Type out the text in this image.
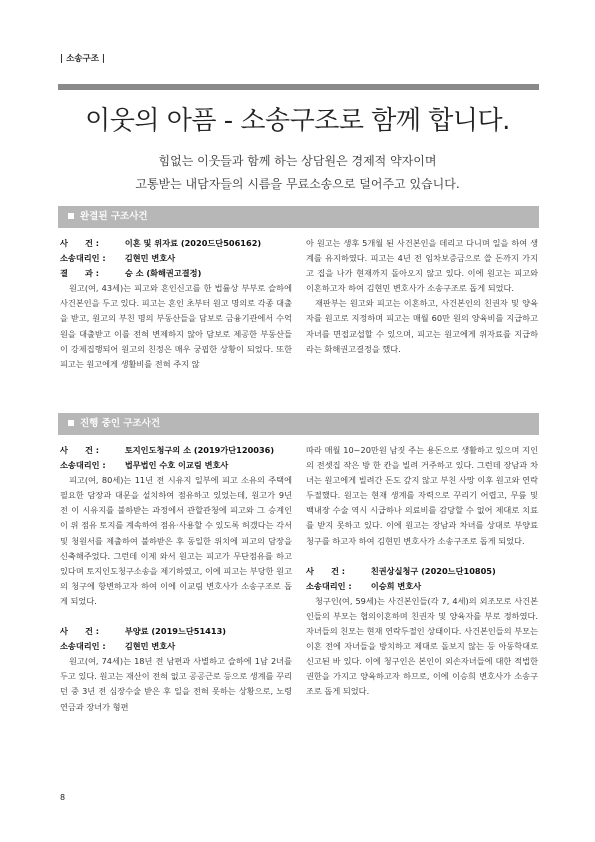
| 소송구조 |
이웃의 아픔 - 소송구조로 함께 합니다.
힘없는 이웃들과 함께 하는 상담원은 경제적 약자이며
고통받는 내담자들의 시름을 무료소송으로 덜어주고 있습니다.
완결된 구조사건

사      건 :	이혼 및 위자료 (2020드단506162)

소송대리인 : 김현민 변호사

결      과 :	승 소 (화해권고결정)

원고(여, 43세)는 피고와 혼인신고를 한 법률상 부부로 슬하에 사건본인을 두고 있다. 피고는 혼인 초부터 원고 명의로 각종 대출을 받고, 원고의 부친 명의 부동산들을 담보로 금융기관에서 수억 원을 대출받고 이를 전혀 변제하지 않아 담보로 제공한 부동산들이 강제집행되어 원고의 친정은 매우 궁핍한 상황이 되었다. 또한 피고는 원고에게 생활비를 전혀 주지 않

아 원고는 생후 5개월 된 사건본인을 데리고 다니며 일을 하여 생계를 유지하였다. 피고는 4년 전 임차보증금으로 쓸 돈까지 가지고 집을 나가 현재까지 돌아오지 않고 있다. 이에 원고는 피고와 이혼하고자 하여 김현민 변호사가 소송구조로 돕게 되었다.

재판부는 원고와 피고는 이혼하고, 사건본인의 친권자 및 양육자를 원고로 지정하며 피고는 매월 60만 원의 양육비를 지급하고 자녀를 면접교섭할 수 있으며, 피고는 원고에게 위자료를 지급하라는 화해권고결정을 했다.

진행 중인 구조사건

사      건 :	토지인도청구의 소 (2019가단120036)

소송대리인 : 법무법인 수호 이교림 변호사

피고(여, 80세)는 11년 전 시유지 일부에 피고 소유의 주택에 필요한 담장과 대문을 설치하여 점유하고 있었는데, 원고가 9년 전 이 시유지를 불하받는 과정에서 관할관청에 피고와 그 승계인이 위 점유 토지를 계속하여 점유·사용할 수 있도록 허갰다는 각서 및 청원서를 제출하여 불하받은 후 동일한 위치에 피고의 담장을 신축해주었다. 그런데 이제 와서 원고는 피고가 무단점유를 하고 있다며 토지인도청구소송을 제기하였고, 이에 피고는 부당한 원고의 청구에 항변하고자 하여 이에 이교림 변호사가 소송구조로 돕게 되었다.

사      건 :	부양료 (2019느단51413)

소송대리인 : 김현민 변호사

원고(여, 74세)는 18년 전 남편과 사별하고 슬하에 1남 2녀를 두고 있다. 원고는 재산이 전혀 없고 공공근로 등으로 생계를 꾸리던 중 3년 전 심장수술 받은 후 일을 전혀 못하는 상황으로, 노령연금과 장녀가 형편

따라 매월 10~20만원 남짓 주는 용돈으로 생활하고 있으며 지인의 전셋집 작은 방 한 칸을 빌려 거주하고 있다. 그런데 장남과 차녀는 원고에게 빌려간 돈도 갚지 않고 부친 사망 이후 원고와 연락 두절했다. 원고는 현재 생계를 자력으로 꾸리기 어렵고, 무릎 및 백내장 수술 역시 시급하나 의료비를 감당할 수 없어 제대로 치료를 받지 못하고 있다. 이에 원고는 장남과 차녀를 상대로 부양료 청구를 하고자 하여 김현민 변호사가 소송구조로 돕게 되었다.

사      건 :	친권상실청구 (2020느단10805)

소송대리인 : 이승희 변호사

청구인(여, 59세)는 사건본인들(각 7, 4세)의 외조모로 사건본인들의 부모는 협의이혼하며 친권자 및 양육자를 부로 정하였다. 자녀들의 친모는 현재 연락두절인 상태이다. 사건본인들의 부모는 이혼 전에 자녀들을 방치하고 제대로 돌보지 않는 등 아동학대로 신고된 바 있다. 이에 청구인은 본인이 외손자녀들에 대한 적법한 권한을 가지고 양육하고자 하므로, 이에 이승희 변호사가 소송구조로 돕게 되었다.

8
